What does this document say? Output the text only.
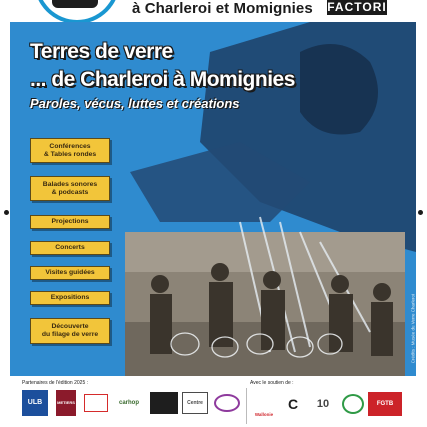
à Charleroi et Momignies FACTORI
Terres de verre
... de Charleroi à Momignies
Paroles, vécus, luttes et créations
Conférences
& Tables rondes
Balades sonores
& podcasts
Projections
Concerts
Visites guidées
Expositions
Découverte
du filage de verre	Crédits : Musée du Verre Charleroi
Partenaires de l'édition 2025 :	Avec le soutien de :
ULB	METIERS	carhop	Centre
Wallonie
C	10	FGTB
